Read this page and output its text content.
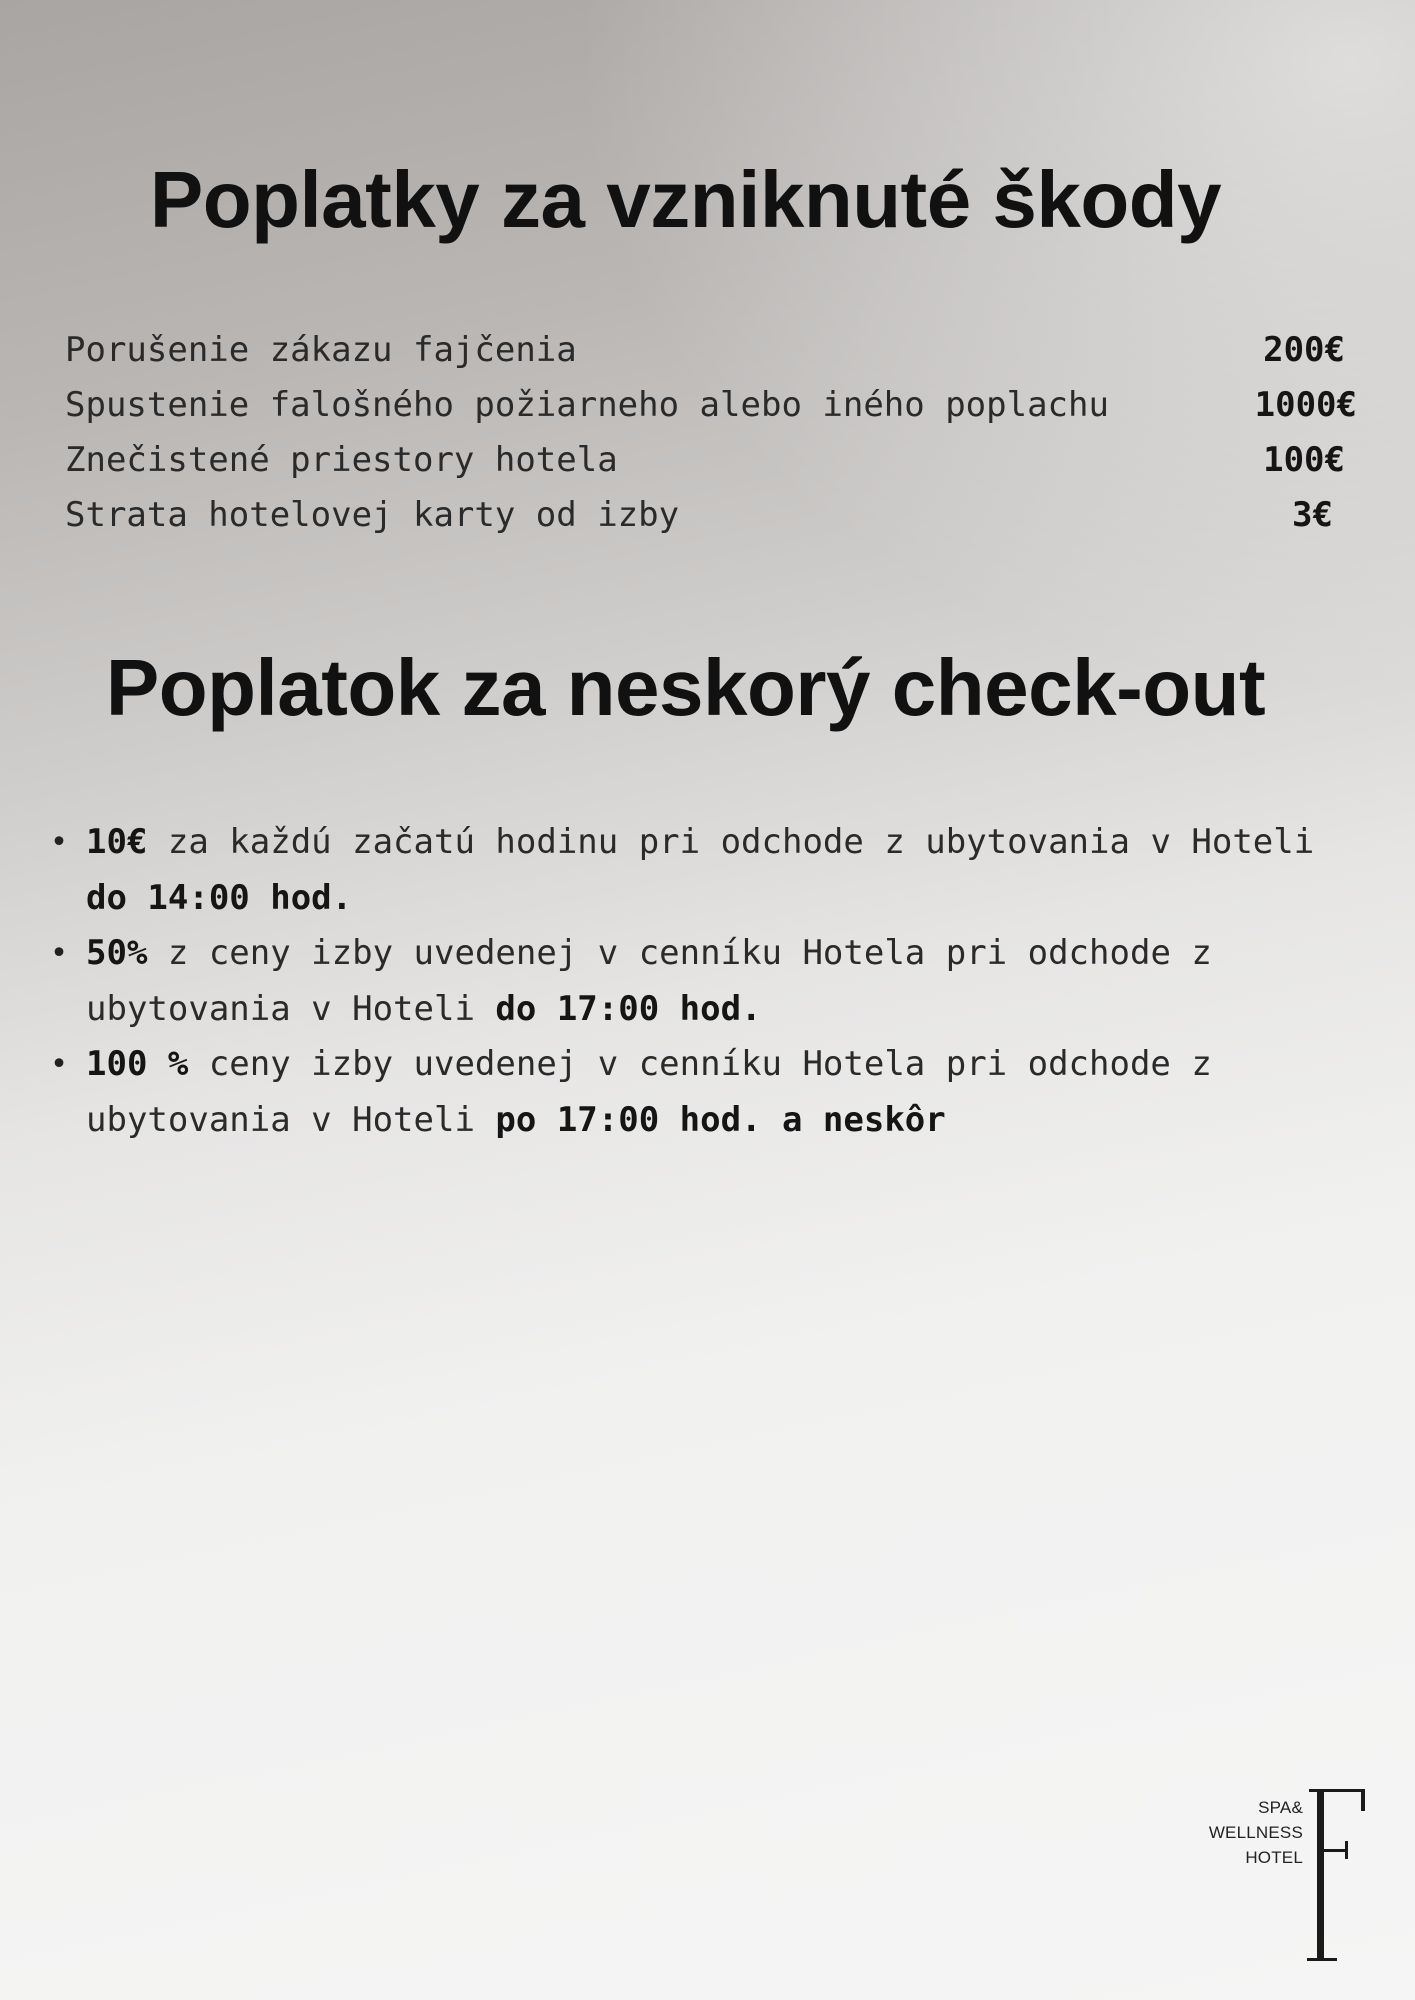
Poplatky za vzniknuté škody
Porušenie zákazu fajčenia	200€
Spustenie falošného požiarneho alebo iného poplachu	1000€
Znečistené priestory hotela	100€
Strata hotelovej karty od izby	3€
Poplatok za neskorý check-out
• 10€ za každú začatú hodinu pri odchode z ubytovania v Hoteli do 14:00 hod.
• 50% z ceny izby uvedenej v cenníku Hotela pri odchode z ubytovania v Hoteli do 17:00 hod.
• 100 % ceny izby uvedenej v cenníku Hotela pri odchode z ubytovania v Hoteli po 17:00 hod. a neskôr
SPA&
WELLNESS
HOTEL
